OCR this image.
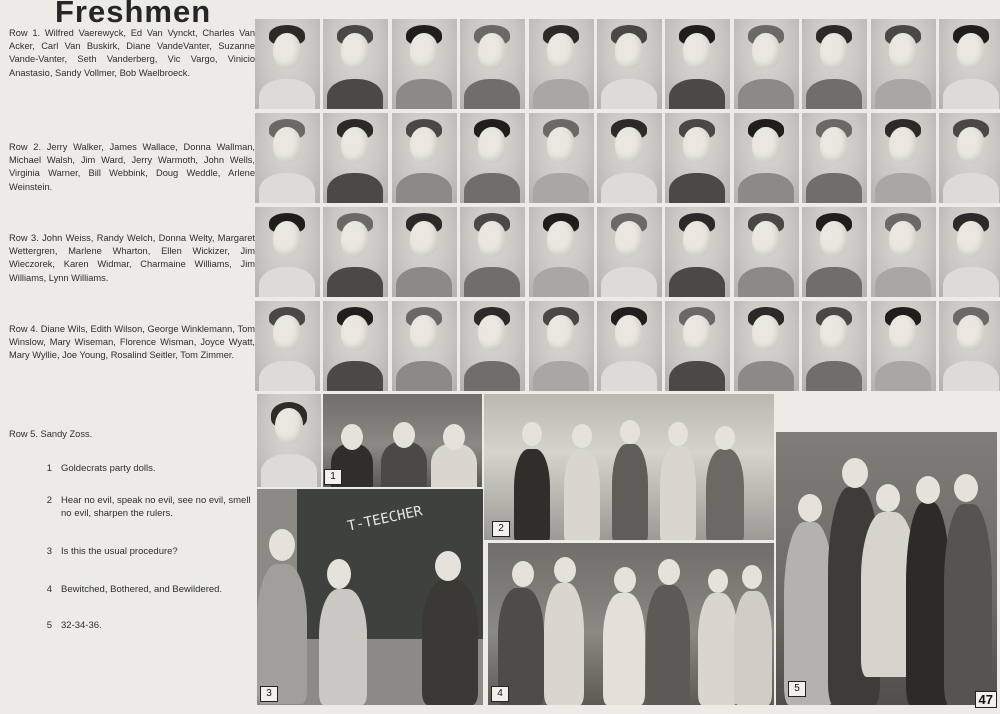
Freshmen

Row 1. Wilfred Vaerewyck, Ed Van Vynckt, Charles Van Acker, Carl Van Buskirk, Diane VandeVanter, Suzanne Vande-Vanter, Seth Vanderberg, Vic Vargo, Vinicio Anastasio, Sandy Vollmer, Bob Waelbroeck.

Row 2. Jerry Walker, James Wallace, Donna Wallman, Michael Walsh, Jim Ward, Jerry Warmoth, John Wells, Virginia Warner, Bill Webbink, Doug Weddle, Arlene Weinstein.

Row 3. John Weiss, Randy Welch, Donna Welty, Margaret Wettergren, Marlene Wharton, Ellen Wickizer, Jim Wieczorek, Karen Widmar, Charmaine Williams, Jim Williams, Lynn Williams.

Row 4. Diane Wils, Edith Wilson, George Winklemann, Tom Winslow, Mary Wiseman, Florence Wisman, Joyce Wyatt, Mary Wyllie, Joe Young, Rosalind Seitler, Tom Zimmer.

Row 5. Sandy Zoss.

1 Goldecrats party dolls.
2 Hear no evil, speak no evil, see no evil, smell no evil, sharpen the rulers.
3 Is this the usual procedure?
4 Bewitched, Bothered, and Bewildered.
5 32-34-36.
1
2
T-TEECHER
3	4	5
47
